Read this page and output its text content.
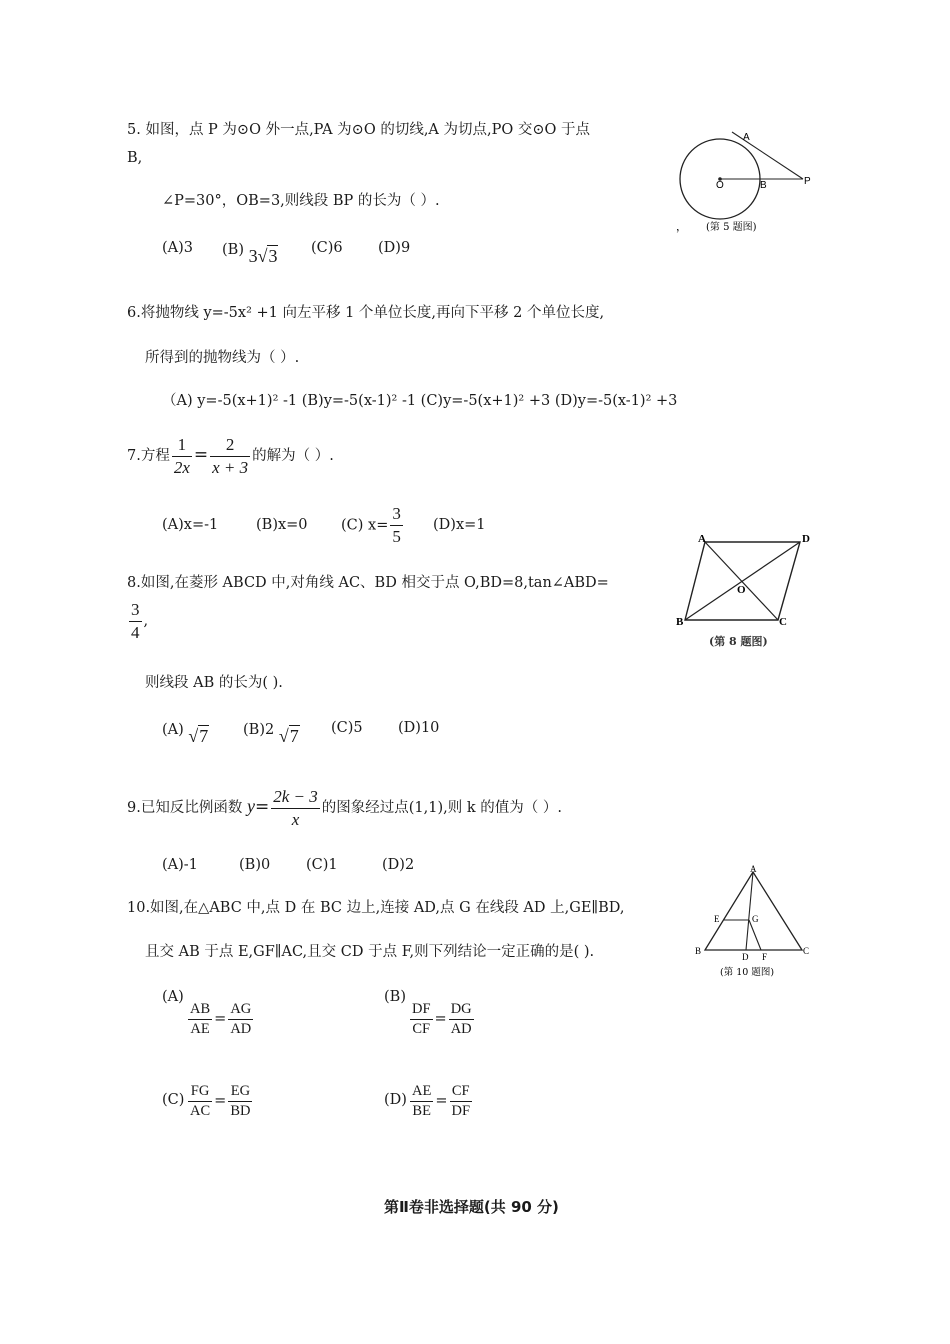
5. 如图，点 P 为⊙O 外一点,PA 为⊙O 的切线,A 为切点,PO 交⊙O 于点
B,
∠P=30°，OB=3,则线段 BP 的长为（ ）.
(A)3 (B) 3√3 (C)6 (D)9
A
O	B	P
， (第 5 题图)
6.将抛物线 y=-5x² +1 向左平移 1 个单位长度,再向下平移 2 个单位长度,
所得到的抛物线为（ ）.
（A) y=-5(x+1)² -1 (B)y=-5(x-1)² -1 (C)y=-5(x+1)² +3 (D)y=-5(x-1)² +3
7.方程 $\frac{1}{2x} = \frac{2}{x + 3}$ 的解为（ ）.
(A)x=-1	(B)x=0 (C) $x= \frac{3}{5} (D)x=1$
8.如图,在菱形 ABCD 中,对角线 AC、BD 相交于点 O,BD=8,tan∠ABD=
$\frac{3}{4}$ ,
则线段 AB 的长为( ).
(A) √7 (B)2 √7 (C)5 (D)10
A	D
B	C
O
(第 8 题图)
9.已知反比例函数 $y= \frac{2k - 3}{x}$ 的图象经过点(1,1),则 k 的值为（ ）.
(A)-1	(B)0 (C)1	(D)2
10.如图,在△ABC 中,点 D 在 BC 边上,连接 AD,点 G 在线段 AD 上,GE∥BD,
且交 AB 于点 E,GF∥AC,且交 CD 于点 F,则下列结论一定正确的是( ).
A
B	C
D
E
F
G
(第 10 题图)
(A)
$\frac{AB}{AE} = \frac{AG}{AD}$
(B)
$\frac{DF}{CF} = \frac{DG}{AD}$
$(C) \frac{FG}{AC} = \frac{EG}{BD}$	$(D) \frac{AE}{BE} = \frac{CF}{DF}$
第Ⅱ卷非选择题(共 90 分)
